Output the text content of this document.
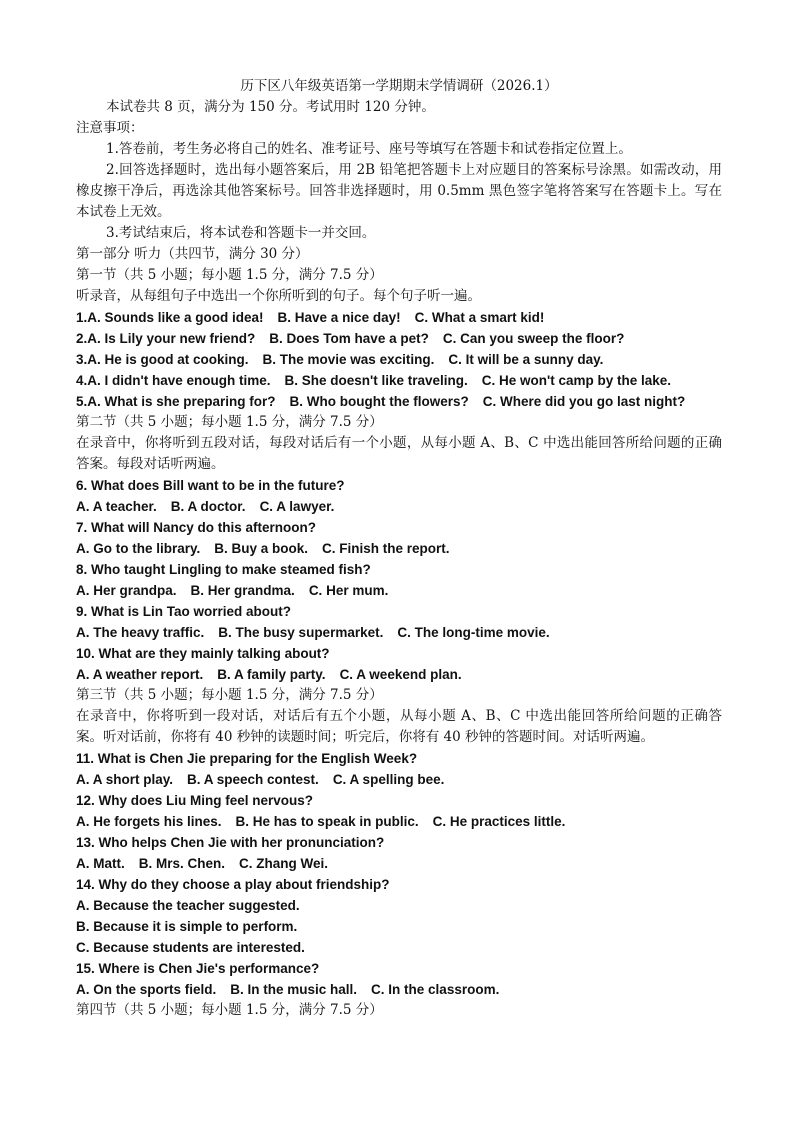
历下区八年级英语第一学期期末学情调研（2026.1）
本试卷共 8 页，满分为 150 分。考试用时 120 分钟。
注意事项：
1.答卷前，考生务必将自己的姓名、准考证号、座号等填写在答题卡和试卷指定位置上。
2.回答选择题时，选出每小题答案后，用 2B 铅笔把答题卡上对应题目的答案标号涂黑。如需改动，用橡皮擦干净后，再选涂其他答案标号。回答非选择题时，用 0.5mm 黑色签字笔将答案写在答题卡上。写在本试卷上无效。
3.考试结束后，将本试卷和答题卡一并交回。
第一部分 听力（共四节，满分 30 分）
第一节（共 5 小题；每小题 1.5 分，满分 7.5 分）
听录音，从每组句子中选出一个你所听到的句子。每个句子听一遍。
1.A. Sounds like a good idea! B. Have a nice day! C. What a smart kid!
2.A. Is Lily your new friend? B. Does Tom have a pet? C. Can you sweep the floor?
3.A. He is good at cooking. B. The movie was exciting. C. It will be a sunny day.
4.A. I didn't have enough time. B. She doesn't like traveling. C. He won't camp by the lake.
5.A. What is she preparing for? B. Who bought the flowers? C. Where did you go last night?
第二节（共 5 小题；每小题 1.5 分，满分 7.5 分）
在录音中，你将听到五段对话，每段对话后有一个小题，从每小题 A、B、C 中选出能回答所给问题的正确答案。每段对话听两遍。
6. What does Bill want to be in the future?
A. A teacher. B. A doctor. C. A lawyer.
7. What will Nancy do this afternoon?
A. Go to the library. B. Buy a book. C. Finish the report.
8. Who taught Lingling to make steamed fish?
A. Her grandpa. B. Her grandma. C. Her mum.
9. What is Lin Tao worried about?
A. The heavy traffic. B. The busy supermarket. C. The long-time movie.
10. What are they mainly talking about?
A. A weather report. B. A family party. C. A weekend plan.
第三节（共 5 小题；每小题 1.5 分，满分 7.5 分）
在录音中，你将听到一段对话，对话后有五个小题，从每小题 A、B、C 中选出能回答所给问题的正确答案。听对话前，你将有 40 秒钟的读题时间；听完后，你将有 40 秒钟的答题时间。对话听两遍。
11. What is Chen Jie preparing for the English Week?
A. A short play. B. A speech contest. C. A spelling bee.
12. Why does Liu Ming feel nervous?
A. He forgets his lines. B. He has to speak in public. C. He practices little.
13. Who helps Chen Jie with her pronunciation?
A. Matt. B. Mrs. Chen. C. Zhang Wei.
14. Why do they choose a play about friendship?
A. Because the teacher suggested.
B. Because it is simple to perform.
C. Because students are interested.
15. Where is Chen Jie's performance?
A. On the sports field. B. In the music hall. C. In the classroom.
第四节（共 5 小题；每小题 1.5 分，满分 7.5 分）
